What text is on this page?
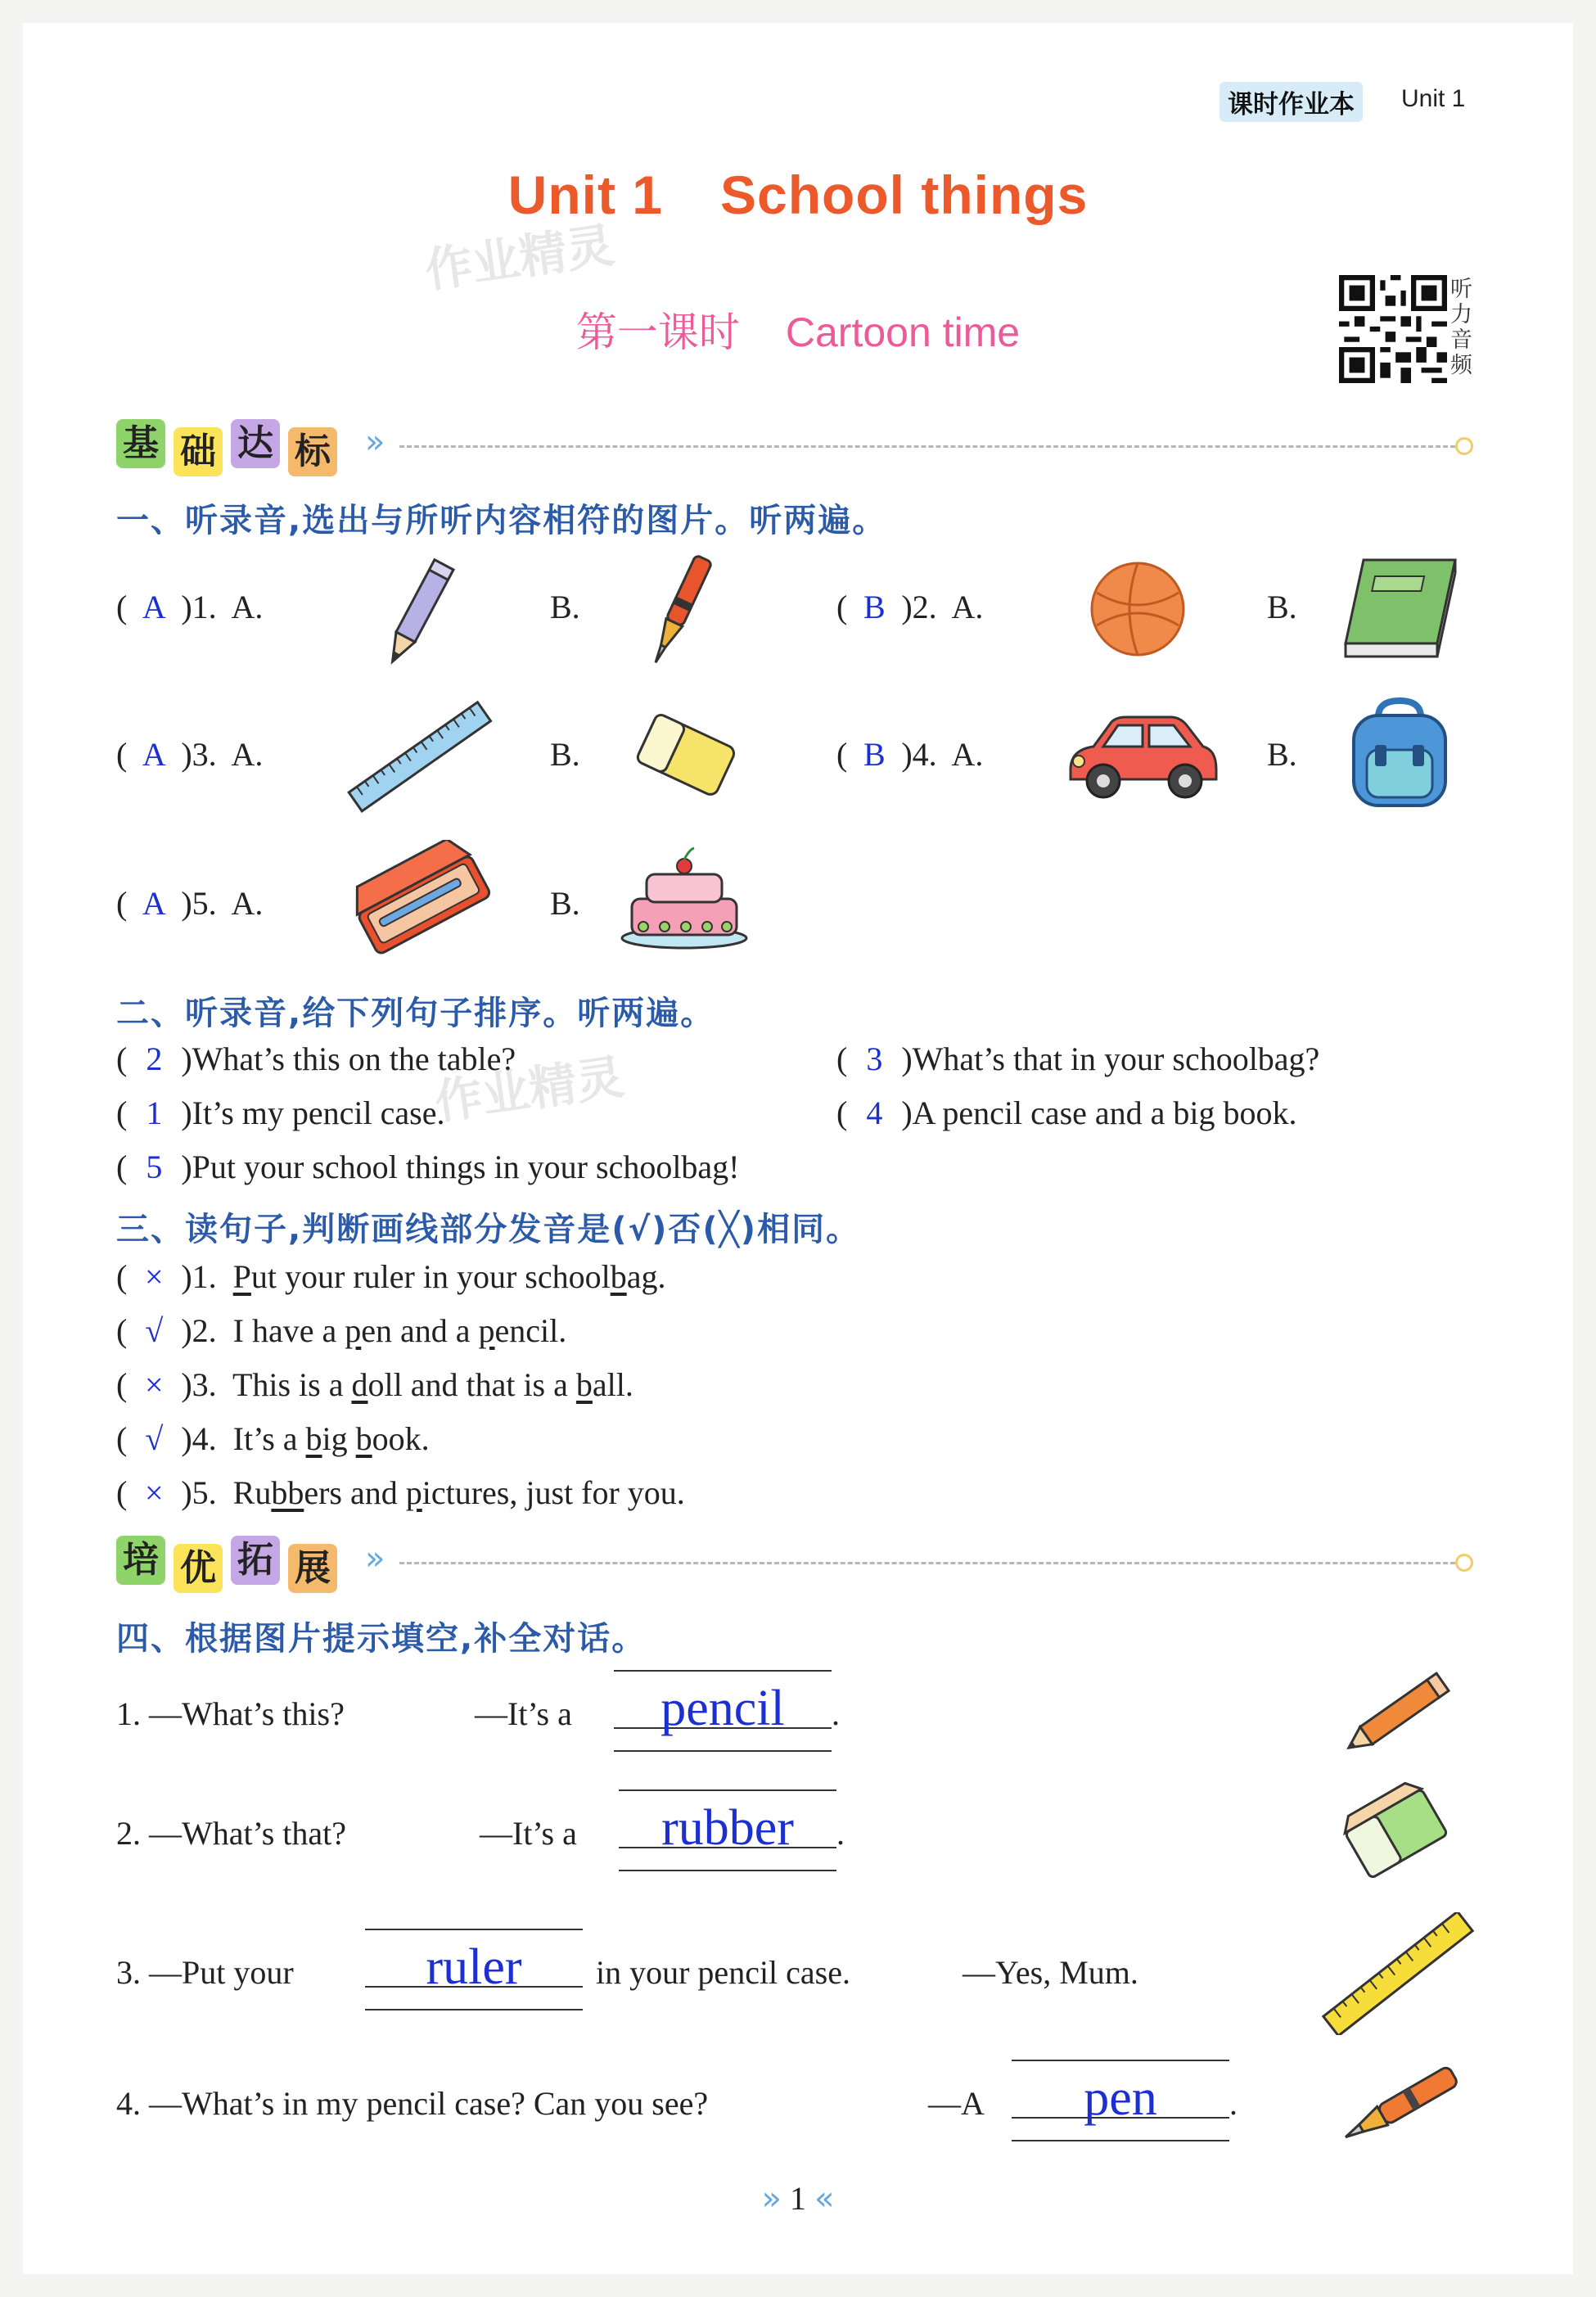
课时作业本	Unit 1
Unit 1 School things
作业精灵
第一课时 Cartoon time
听力音频
基 础 达 标	»
一、听录音,选出与所听内容相符的图片。听两遍。
( A )1. A.	B.	( B )2. A.	B.
( A )3. A.	B.	( B )4. A.	B.
( A )5. A.	B.
二、听录音,给下列句子排序。听两遍。
( 2 )What’s this on the table?	( 3 )What’s that in your schoolbag?
( 1 )It’s my pencil case.	( 4 )A pencil case and a big book.
( 5 )Put your school things in your schoolbag!
作业精灵
三、读句子,判断画线部分发音是(√)否(╳)相同。
( × )1. Put your ruler in your schoolbag.
( √ )2. I have a pen and a pencil.
( × )3. This is a doll and that is a ball.
( √ )4. It’s a big book.
( × )5. Rubbers and pictures, just for you.
培 优 拓 展	»
四、根据图片提示填空,补全对话。
1. —What’s this?	—It’s a	pencil	.
2. —What’s that?	—It’s a	rubber	.
3. —Put your	ruler	in your pencil case.	—Yes, Mum.
4. —What’s in my pencil case? Can you see?	—A	pen	.
» 1 «
